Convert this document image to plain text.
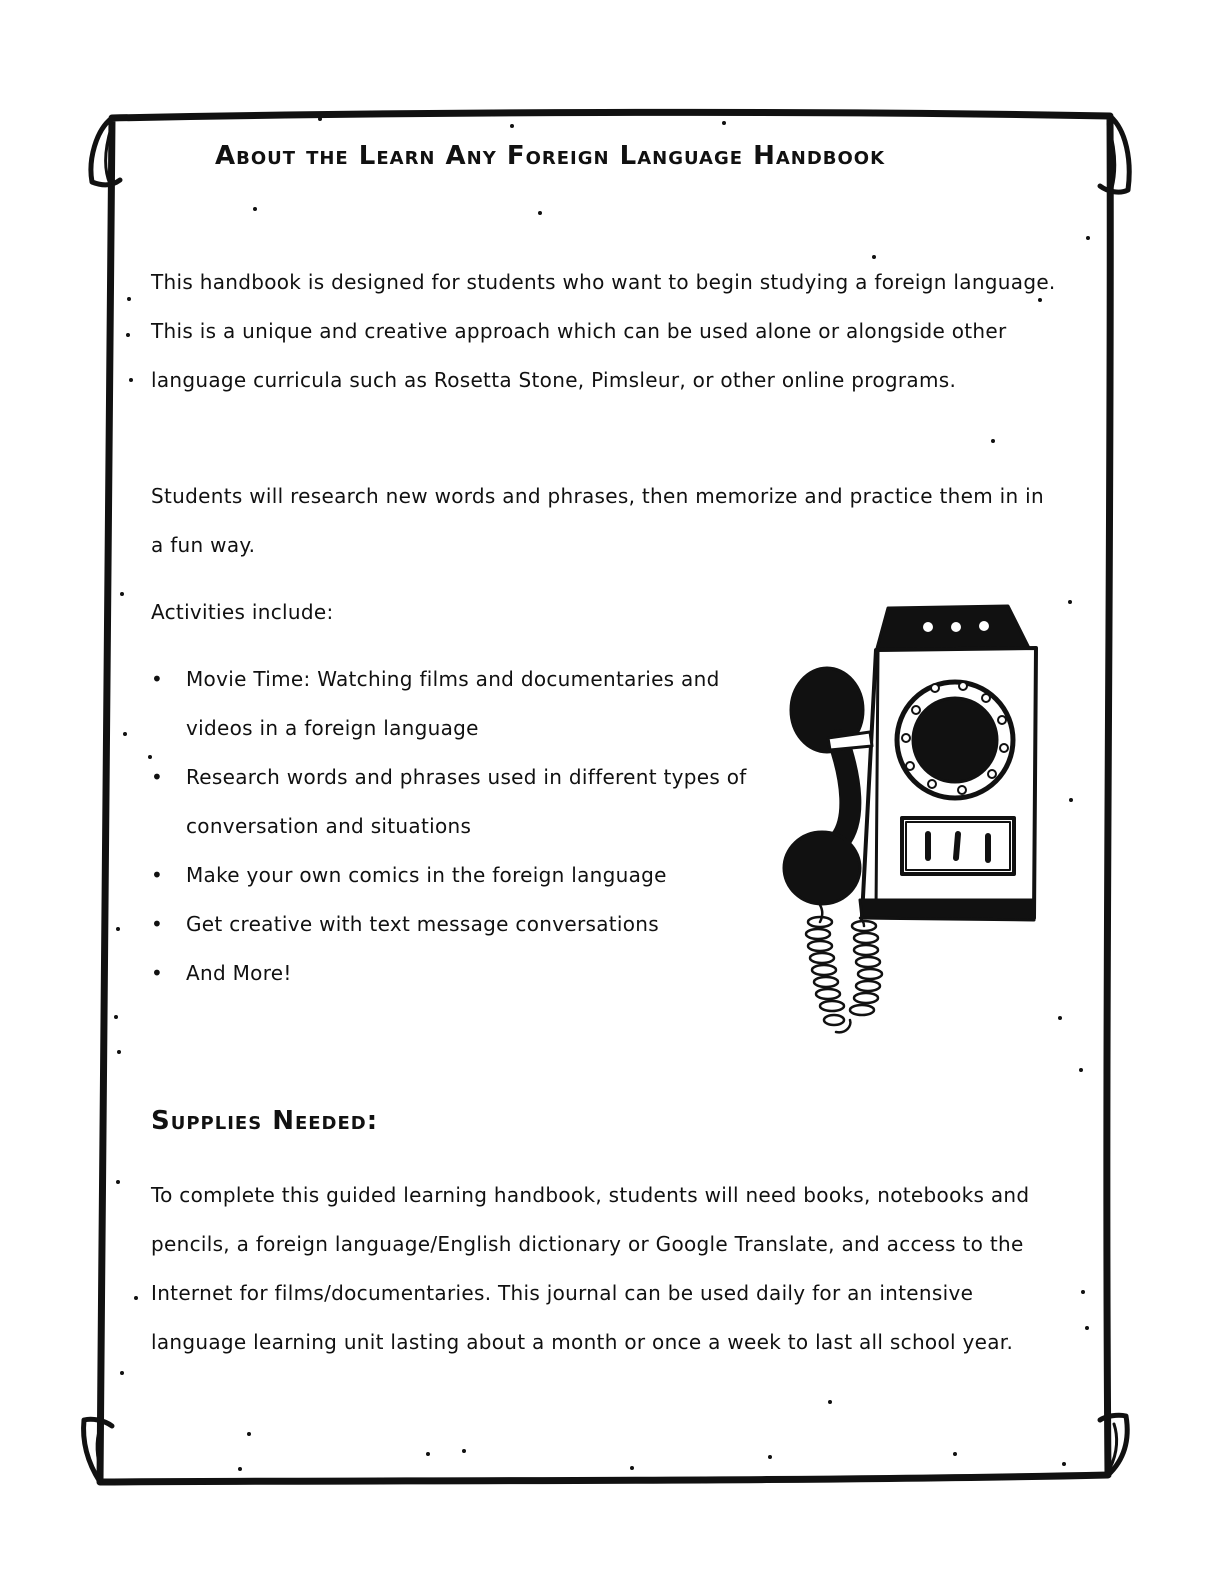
About the Learn Any Foreign Language Handbook

This handbook is designed for students who want to begin studying a foreign language. This is a unique and creative approach which can be used alone or alongside other language curricula such as Rosetta Stone, Pimsleur, or other online programs.

Students will research new words and phrases, then memorize and practice them in in a fun way.

Activities include:

• Movie Time: Watching films and documentaries and videos in a foreign language
• Research words and phrases used in different types of conversation and situations
• Make your own comics in the foreign language
• Get creative with text message conversations
• And More!
Supplies Needed:

To complete this guided learning handbook, students will need books, notebooks and pencils, a foreign language/English dictionary or Google Translate, and access to the Internet for films/documentaries. This journal can be used daily for an intensive language learning unit lasting about a month or once a week to last all school year.
